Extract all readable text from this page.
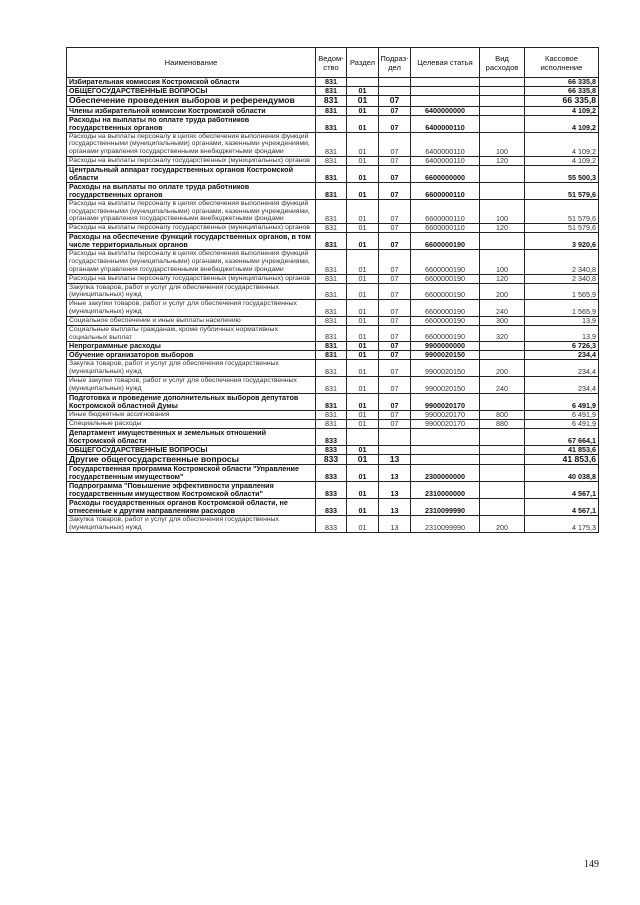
Наименование	Ведом-ство	Раздел	Подраз-дел	Целевая статья	Вид расходов	Кассовое исполнение
Избирательная комиссия Костромской области	831					66 335,8
ОБЩЕГОСУДАРСТВЕННЫЕ ВОПРОСЫ	831	01				66 335,8
Обеспечение проведения выборов и референдумов	831	01	07			66 335,8
Члены избирательной комиссии Костромской области	831	01	07	6400000000		4 109,2
Расходы на выплаты по оплате труда работников государственных органов	831	01	07	6400000110		4 109,2
Расходы на выплаты персоналу в целях обеспечения выполнения функций государственными (муниципальными) органами, казенными учреждениями, органами управления государственными внебюджетными фондами	831	01	07	6400000110	100	4 109,2
Расходы на выплаты персоналу государственных (муниципальных) органов	831	01	07	6400000110	120	4 109,2
Центральный аппарат государственных органов Костромской области	831	01	07	6600000000		55 500,3
Расходы на выплаты по оплате труда работников государственных органов	831	01	07	6600000110		51 579,6
Расходы на выплаты персоналу в целях обеспечения выполнения функций государственными (муниципальными) органами, казенными учреждениями, органами управления государственными внебюджетными фондами	831	01	07	6600000110	100	51 579,6
Расходы на выплаты персоналу государственных (муниципальных) органов	831	01	07	6600000110	120	51 579,6
Расходы на обеспечение функций государственных органов, в том числе территориальных органов	831	01	07	6600000190		3 920,6
Расходы на выплаты персоналу в целях обеспечения выполнения функций государственными (муниципальными) органами, казенными учреждениями, органами управления государственными внебюджетными фондами	831	01	07	6600000190	100	2 340,8
Расходы на выплаты персоналу государственных (муниципальных) органов	831	01	07	6600000190	120	2 340,8
Закупка товаров, работ и услуг для обеспечения государственных (муниципальных) нужд	831	01	07	6600000190	200	1 565,9
Иные закупки товаров, работ и услуг для обеспечения государственных (муниципальных) нужд	831	01	07	6600000190	240	1 565,9
Социальное обеспечение и иные выплаты населению	831	01	07	6600000190	300	13,9
Социальные выплаты гражданам, кроме публичных нормативных социальных выплат	831	01	07	6600000190	320	13,9
Непрограммные расходы	831	01	07	9900000000		6 726,3
Обучение организаторов выборов	831	01	07	9900020150		234,4
Закупка товаров, работ и услуг для обеспечения государственных (муниципальных) нужд	831	01	07	9900020150	200	234,4
Иные закупки товаров, работ и услуг для обеспечения государственных (муниципальных) нужд	831	01	07	9900020150	240	234,4
Подготовка и проведение дополнительных выборов депутатов Костромской областной Думы	831	01	07	9900020170		6 491,9
Иные бюджетные ассигнования	831	01	07	9900020170	800	6 491,9
Специальные расходы	831	01	07	9900020170	880	6 491,9
Департамент имущественных и земельных отношений Костромской области	833					67 664,1
ОБЩЕГОСУДАРСТВЕННЫЕ ВОПРОСЫ	833	01				41 853,6
Другие общегосударственные вопросы	833	01	13			41 853,6
Государственная программа Костромской области "Управление государственным имуществом"	833	01	13	2300000000		40 038,8
Подпрограмма "Повышение эффективности управления государственным имуществом Костромской области"	833	01	13	2310000000		4 567,1
Расходы государственных органов Костромской области, не отнесенные к другим направлениям расходов	833	01	13	2310099990		4 567,1
Закупка товаров, работ и услуг для обеспечения государственных (муниципальных) нужд	833	01	13	2310099990	200	4 175,3
149
